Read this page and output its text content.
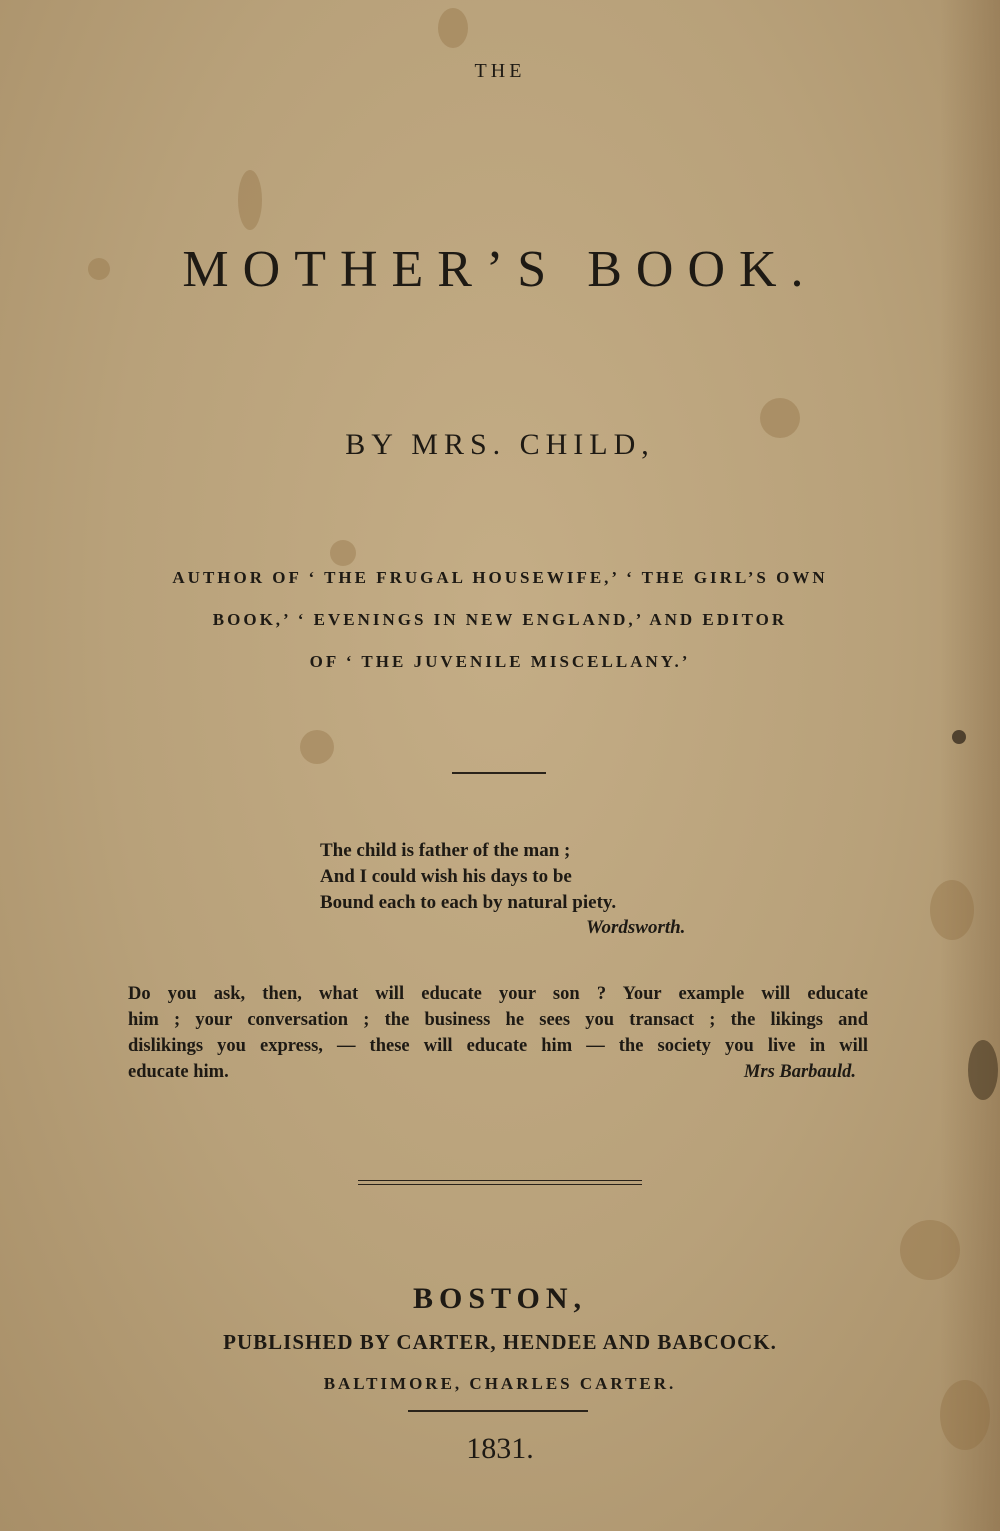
THE
MOTHER’S BOOK.
BY MRS. CHILD,
AUTHOR OF ‘ THE FRUGAL HOUSEWIFE,’ ‘ THE GIRL’S OWN
BOOK,’ ‘ EVENINGS IN NEW ENGLAND,’ AND EDITOR
OF ‘ THE JUVENILE MISCELLANY.’
The child is father of the man ;
And I could wish his days to be
Bound each to each by natural piety.
Wordsworth.
Do you ask, then, what will educate your son ? Your example will educate
him ; your conversation ; the business he sees you transact ; the likings and
dislikings you express, — these will educate him — the society you live in will
educate him.	Mrs Barbauld.
BOSTON,
PUBLISHED BY CARTER, HENDEE AND BABCOCK.
BALTIMORE, CHARLES CARTER.
1831.
